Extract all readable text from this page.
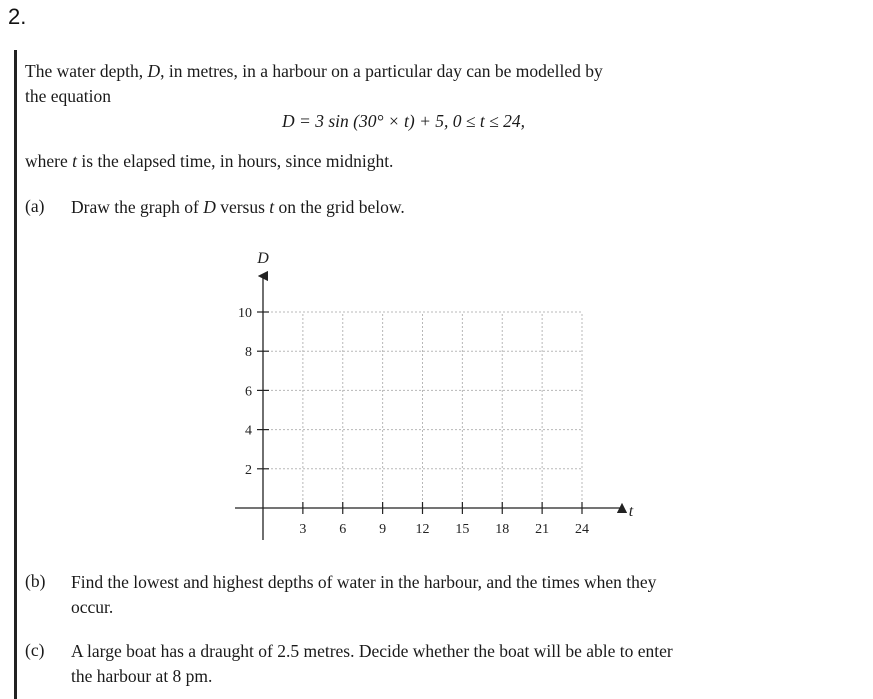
2.
The water depth, D, in metres, in a harbour on a particular day can be modelled by
the equation
D = 3 sin (30° × t) + 5, 0 ≤ t ≤ 24,
where t is the elapsed time, in hours, since midnight.
(a) Draw the graph of D versus t on the grid below.
2
4
6
8
10
3 6 9 12 15 18 21 24
D
t
(b) Find the lowest and highest depths of water in the harbour, and the times when they
occur.
(c) A large boat has a draught of 2.5 metres. Decide whether the boat will be able to enter
the harbour at 8 pm.
